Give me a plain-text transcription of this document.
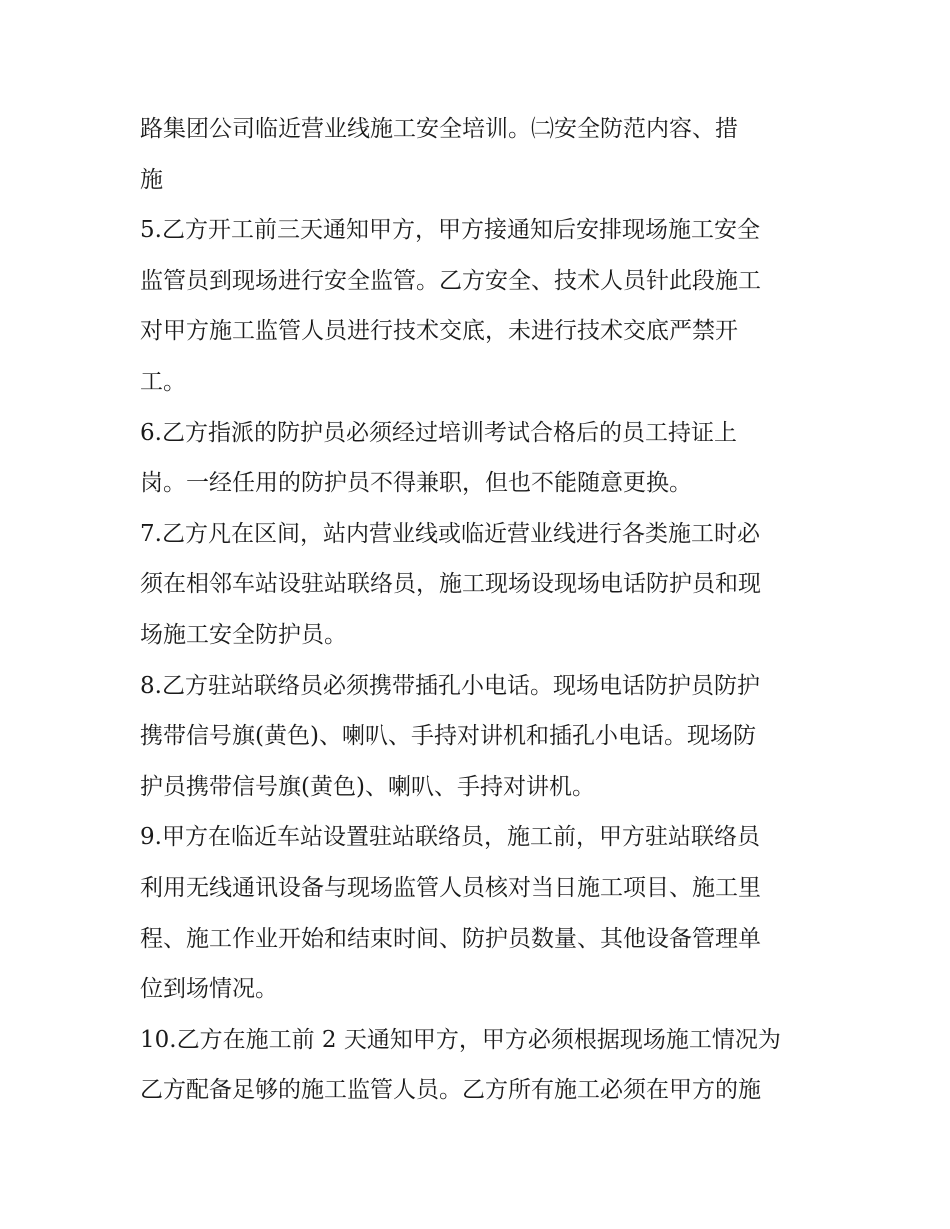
路集团公司临近营业线施工安全培训。㈡安全防范内容、措
施

5.乙方开工前三天通知甲方，甲方接通知后安排现场施工安全
监管员到现场进行安全监管。乙方安全、技术人员针此段施工
对甲方施工监管人员进行技术交底，未进行技术交底严禁开
工。

6.乙方指派的防护员必须经过培训考试合格后的员工持证上
岗。一经任用的防护员不得兼职，但也不能随意更换。

7.乙方凡在区间，站内营业线或临近营业线进行各类施工时必
须在相邻车站设驻站联络员，施工现场设现场电话防护员和现
场施工安全防护员。

8.乙方驻站联络员必须携带插孔小电话。现场电话防护员防护
携带信号旗(黄色)、喇叭、手持对讲机和插孔小电话。现场防
护员携带信号旗(黄色)、喇叭、手持对讲机。

9.甲方在临近车站设置驻站联络员，施工前，甲方驻站联络员
利用无线通讯设备与现场监管人员核对当日施工项目、施工里
程、施工作业开始和结束时间、防护员数量、其他设备管理单
位到场情况。

10.乙方在施工前 2 天通知甲方，甲方必须根据现场施工情况为
乙方配备足够的施工监管人员。乙方所有施工必须在甲方的施
